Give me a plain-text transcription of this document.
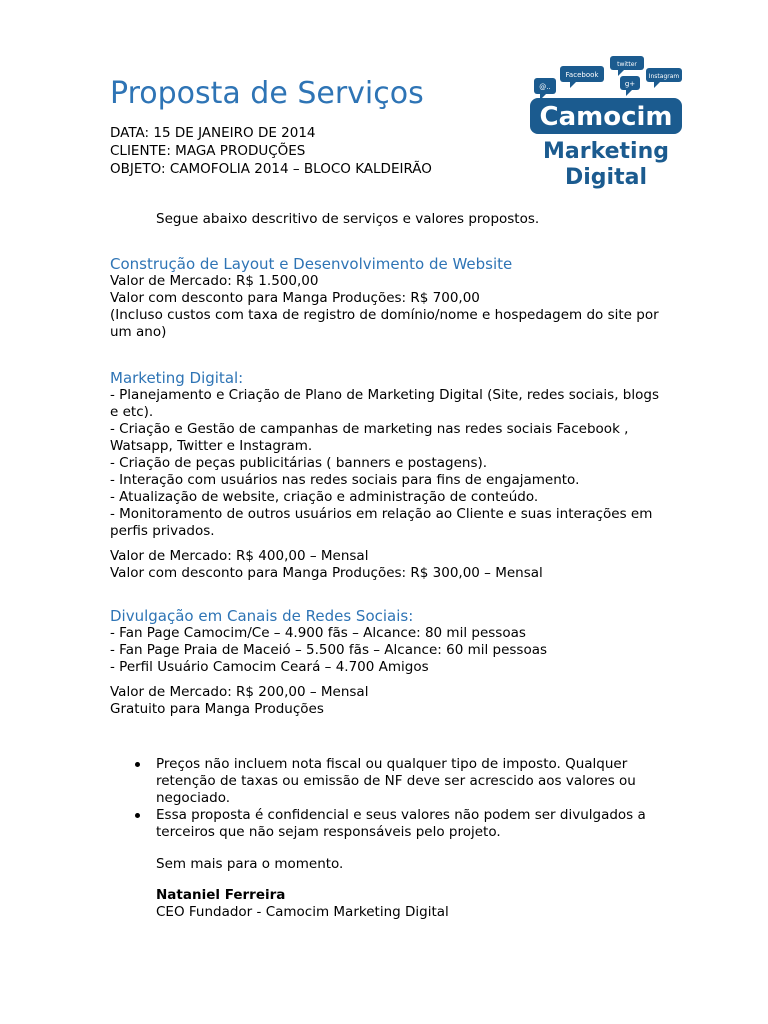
Proposta de Serviços
DATA: 15 DE JANEIRO DE 2014
CLIENTE: MAGA PRODUÇÕES
OBJETO: CAMOFOLIA 2014 – BLOCO KALDEIRÃO
@..
Facebook
twitter
g+
Instagram
Camocim
Marketing
Digital
Segue abaixo descritivo de serviços e valores propostos.
Construção de Layout e Desenvolvimento de Website

Valor de Mercado: R$ 1.500,00

Valor com desconto para Manga Produções: R$ 700,00

(Incluso custos com taxa de registro de domínio/nome e hospedagem do site por um ano)

Marketing Digital:

- Planejamento e Criação de Plano de Marketing Digital (Site, redes sociais, blogs e etc).

- Criação e Gestão de campanhas de marketing nas redes sociais Facebook , Watsapp, Twitter e Instagram.

- Criação de peças publicitárias ( banners e postagens).

- Interação com usuários nas redes sociais para fins de engajamento.

- Atualização de website, criação e administração de conteúdo.

- Monitoramento de outros usuários em relação ao Cliente e suas interações em perfis privados.

Valor de Mercado: R$ 400,00 – Mensal

Valor com desconto para Manga Produções: R$ 300,00 – Mensal

Divulgação em Canais de Redes Sociais:

- Fan Page Camocim/Ce – 4.900 fãs – Alcance: 80 mil pessoas

- Fan Page Praia de Maceió – 5.500 fãs – Alcance: 60 mil pessoas

- Perfil Usuário Camocim Ceará – 4.700 Amigos

Valor de Mercado: R$ 200,00 – Mensal

Gratuito para Manga Produções

Preços não incluem nota fiscal ou qualquer tipo de imposto. Qualquer retenção de taxas ou emissão de NF deve ser acrescido aos valores ou negociado.
Essa proposta é confidencial e seus valores não podem ser divulgados a terceiros que não sejam responsáveis pelo projeto.
Sem mais para o momento.
Nataniel Ferreira
CEO Fundador - Camocim Marketing Digital
